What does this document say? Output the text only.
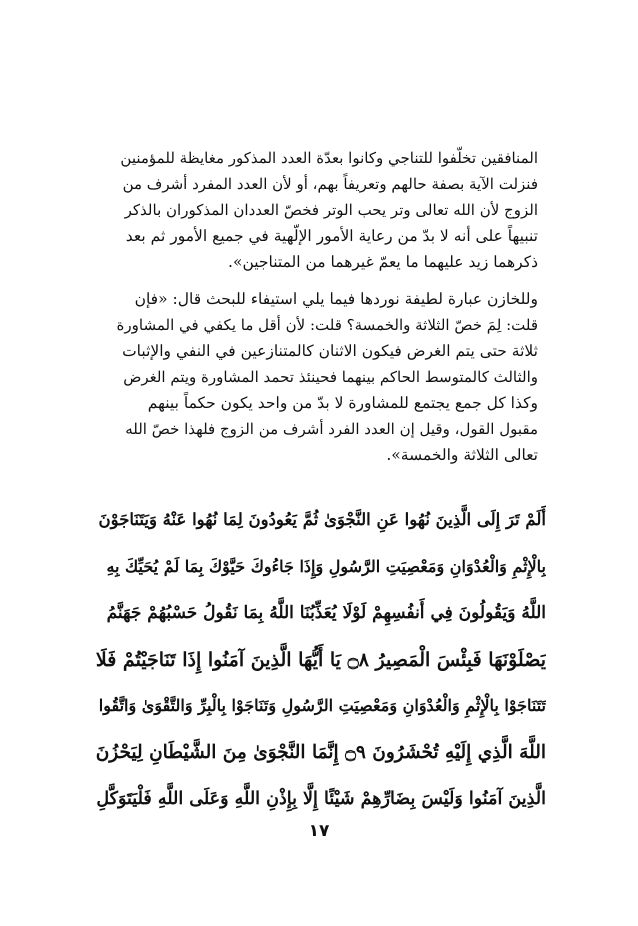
المنافقين تخلّفوا للتناجي وكانوا بعدّة العدد المذكور مغايظة للمؤمنين
فنزلت الآية بصفة حالهم وتعريفاً بهم، أو لأن العدد المفرد أشرف من
الزوج لأن الله تعالى وتر يحب الوتر فخصّ العددان المذكوران بالذكر
تنبيهاً على أنه لا بدّ من رعاية الأمور الإلّهية في جميع الأمور ثم بعد
ذكرهما زيد عليهما ما يعمّ غيرهما من المتناجين».
وللخازن عبارة لطيفة نوردها فيما يلي استيفاء للبحث قال: «فإن
قلت: لِمَ خصّ الثلاثة والخمسة؟ قلت: لأن أقل ما يكفي في المشاورة
ثلاثة حتى يتم الغرض فيكون الاثنان كالمتنازعين في النفي والإثبات
والثالث كالمتوسط الحاكم بينهما فحينئذ تحمد المشاورة ويتم الغرض
وكذا كل جمع يجتمع للمشاورة لا بدّ من واحد يكون حكماً بينهم
مقبول القول، وقيل إن العدد الفرد أشرف من الزوج فلهذا خصّ الله
تعالى الثلاثة والخمسة».
أَلَمْ تَرَ إِلَى الَّذِينَ نُهُوا عَنِ النَّجْوَىٰ ثُمَّ يَعُودُونَ لِمَا نُهُوا عَنْهُ وَيَتَنَاجَوْنَ
بِالْإِثْمِ وَالْعُدْوَانِ وَمَعْصِيَتِ الرَّسُولِ وَإِذَا جَاءُوكَ حَيَّوْكَ بِمَا لَمْ يُحَيِّكَ بِهِ
اللَّهُ وَيَقُولُونَ فِي أَنفُسِهِمْ لَوْلَا يُعَذِّبُنَا اللَّهُ بِمَا نَقُولُ حَسْبُهُمْ جَهَنَّمُ
يَصْلَوْنَهَا فَبِئْسَ الْمَصِيرُ ۝٨ يَا أَيُّهَا الَّذِينَ آمَنُوا إِذَا تَنَاجَيْتُمْ فَلَا
تَتَنَاجَوْا بِالْإِثْمِ وَالْعُدْوَانِ وَمَعْصِيَتِ الرَّسُولِ وَتَنَاجَوْا بِالْبِرِّ وَالتَّقْوَىٰ وَاتَّقُوا
اللَّهَ الَّذِي إِلَيْهِ تُحْشَرُونَ ۝٩ إِنَّمَا النَّجْوَىٰ مِنَ الشَّيْطَانِ لِيَحْزُنَ
الَّذِينَ آمَنُوا وَلَيْسَ بِضَارِّهِمْ شَيْئًا إِلَّا بِإِذْنِ اللَّهِ وَعَلَى اللَّهِ فَلْيَتَوَكَّلِ
١٧
